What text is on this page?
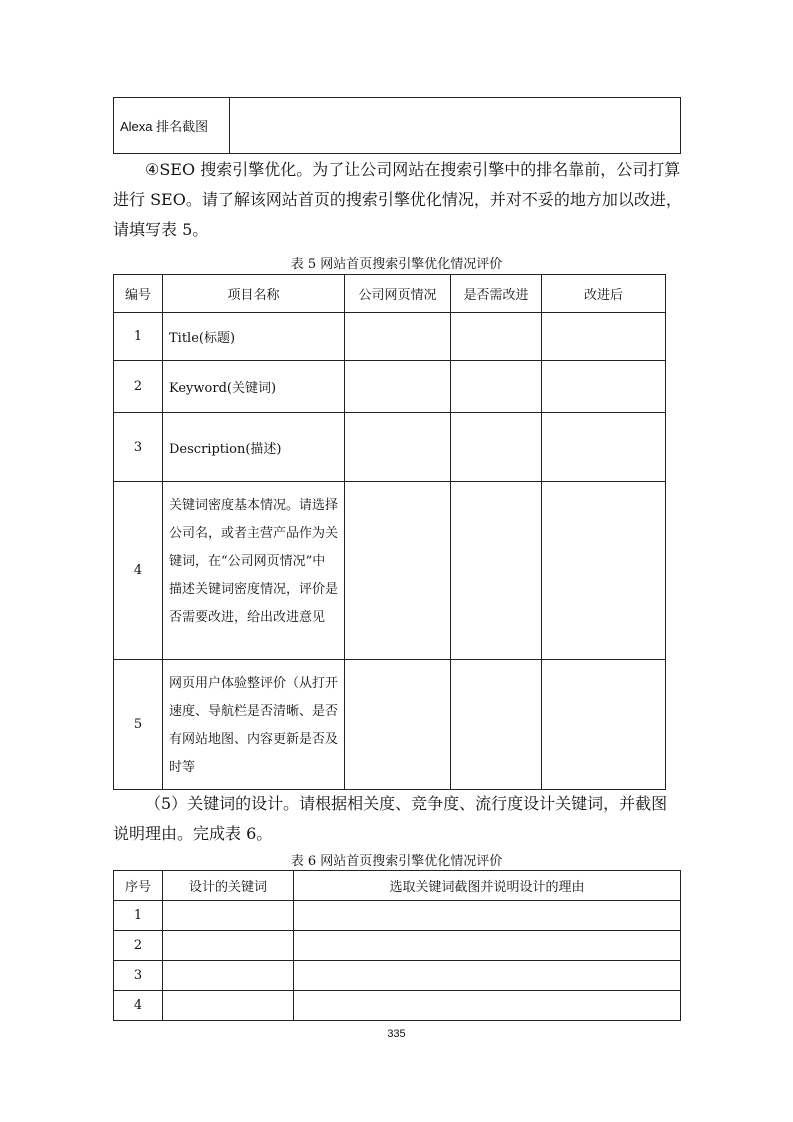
Alexa 排名截图	

④SEO 搜索引擎优化。为了让公司网站在搜索引擎中的排名靠前，公司打算进行 SEO。请了解该网站首页的搜索引擎优化情况，并对不妥的地方加以改进，请填写表 5。

表 5 网站首页搜索引擎优化情况评价
编号	项目名称	公司网页情况	是否需改进	改进后
1	Title(标题)			
2	Keyword(关键词)			
3	Description(描述)			
4	关键词密度基本情况。请选择公司名，或者主营产品作为关键词，在“公司网页情况”中描述关键词密度情况，评价是否需要改进，给出改进意见			
5	网页用户体验整评价（从打开速度、导航栏是否清晰、是否有网站地图、内容更新是否及时等			

（5）关键词的设计。请根据相关度、竞争度、流行度设计关键词，并截图说明理由。完成表 6。

表 6 网站首页搜索引擎优化情况评价
序号	设计的关键词	选取关键词截图并说明设计的理由
1		
2		
3		
4		
335
